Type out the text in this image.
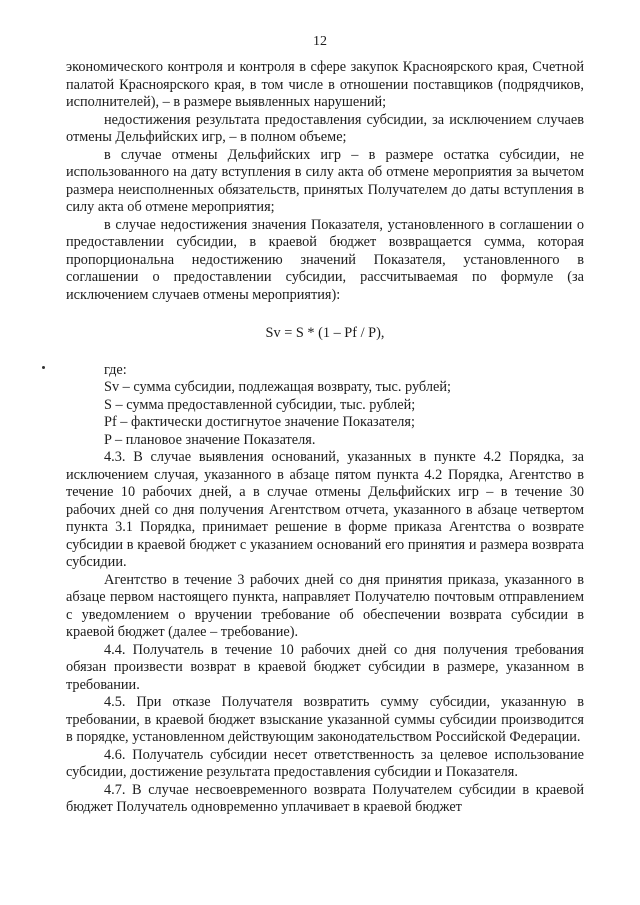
12

экономического контроля и контроля в сфере закупок Красноярского края, Счетной палатой Красноярского края, в том числе в отношении поставщиков (подрядчиков, исполнителей), – в размере выявленных нарушений;

недостижения результата предоставления субсидии, за исключением случаев отмены Дельфийских игр, – в полном объеме;

в случае отмены Дельфийских игр – в размере остатка субсидии, не использованного на дату вступления в силу акта об отмене мероприятия за вычетом размера неисполненных обязательств, принятых Получателем до даты вступления в силу акта об отмене мероприятия;

в случае недостижения значения Показателя, установленного в соглашении о предоставлении субсидии, в краевой бюджет возвращается сумма, которая пропорциональна недостижению значений Показателя, установленного в соглашении о предоставлении субсидии, рассчитываемая по формуле (за исключением случаев отмены мероприятия):

Sv = S * (1 – Pf / P),

где:

Sv – сумма субсидии, подлежащая возврату, тыс. рублей;

S – сумма предоставленной субсидии, тыс. рублей;

Pf – фактически достигнутое значение Показателя;

P – плановое значение Показателя.

4.3. В случае выявления оснований, указанных в пункте 4.2 Порядка, за исключением случая, указанного в абзаце пятом пункта 4.2 Порядка, Агентство в течение 10 рабочих дней, а в случае отмены Дельфийских игр – в течение 30 рабочих дней со дня получения Агентством отчета, указанного в абзаце четвертом пункта 3.1 Порядка, принимает решение в форме приказа Агентства о возврате субсидии в краевой бюджет с указанием оснований его принятия и размера возврата субсидии.

Агентство в течение 3 рабочих дней со дня принятия приказа, указанного в абзаце первом настоящего пункта, направляет Получателю почтовым отправлением с уведомлением о вручении требование об обеспечении возврата субсидии в краевой бюджет (далее – требование).

4.4. Получатель в течение 10 рабочих дней со дня получения требования обязан произвести возврат в краевой бюджет субсидии в размере, указанном в требовании.

4.5. При отказе Получателя возвратить сумму субсидии, указанную в требовании, в краевой бюджет взыскание указанной суммы субсидии производится в порядке, установленном действующим законодательством Российской Федерации.

4.6. Получатель субсидии несет ответственность за целевое использование субсидии, достижение результата предоставления субсидии и Показателя.

4.7. В случае несвоевременного возврата Получателем субсидии в краевой бюджет Получатель одновременно уплачивает в краевой бюджет
